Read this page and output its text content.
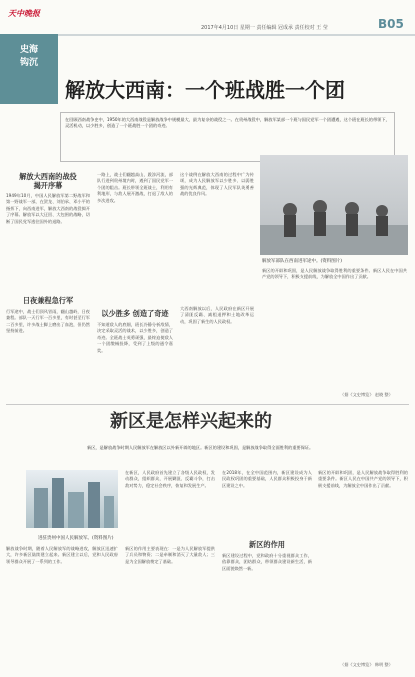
天中晚报
2017年4月10日 星期一 责任编辑 冠成承 责任校对 王 莹	B05
史海
钩沉
解放大西南：一个班战胜一个团
在回顾西南战争史中，1950年的大西南战役是解放战争中规模最大、最为复杂的战役之一。在贵州战役中，解放军某部一个班与国民党军一个团遭遇，这个班在班长的带领下，灵活机动，以少胜多，创造了一个班战胜一个团的奇迹。
解放大西南的战役
揭开序幕
1949年10月，中国人民解放军第二野战军和第一野战军一部，在贺龙、刘伯承、邓小平的指挥下，向西南进军，解放大西南的战役揭开了序幕。解放军以大迂回、大包围的战略，切断了国民党军逃往国外的退路。
日夜兼程急行军
行军途中，战士们顶风冒雨，翻山越岭，日夜兼程。部队一天行军一百多里，有时甚至行军二百多里，许多战士脚上磨出了血泡，但仍然坚持前进。
一路上，战士们翻越高山，跋涉河流，部队行进到贵州境内时，遇到了国民党军一个团的阻击。班长带领全班战士，利用有利地形，与敌人展开激战，打退了敌人的多次进攻。
以少胜多 创造了奇迹
不知道敌人的底细，班长冷静分析敌情，决定采取灵活的战术，以少胜多，创造了奇迹。全班战士英勇顽强，最终迫使敌人一个团缴械投降，受到了上级的通令嘉奖。
这个战例在解放大西南的过程中广为传颂，成为人民解放军以少胜多、以弱胜强的光辉典范，体现了人民军队英勇善战的优良作风。
大西南解放以后，人民政府在新区开展了清匪反霸、减租退押和土地改革运动，巩固了新生的人民政权。
解放军部队在西南进军途中。(资料图片)
新区的开辟和巩固，是人民解放战争取得胜利的重要条件。新区人民在中国共产党的领导下，积极支援前线，为解放全中国作出了贡献。
（据《文史博览》 赵晓 整）
新区是怎样兴起来的
新区，是解放战争时期人民解放军在解放区以外新开辟的地区。新区的建设和巩固，是解放战争取得全面胜利的重要保证。
进驻贵州中国人民解放军。(资料图片)
解放战争时期，随着人民解放军的战略进攻，解放区迅速扩大，许多新区陆续建立起来。新区建立以后，党和人民政府领导群众开展了一系列的工作。
在新区，人民政府首先建立了各级人民政权，发动群众，组织群众，开展剿匪、反霸斗争，打击敌对势力，稳定社会秩序，恢复和发展生产。
新区的作用主要表现在：一是为人民解放军提供了兵员和物资；二是牵制和消灭了大量敌人；三是为全国解放奠定了基础。
新区的作用
在2018年，在全中国范围内，新区建设成为人民政权巩固的重要基础，人民群众积极投身于新区建设之中。
新区建设过程中，党和政府十分重视群众工作，依靠群众，团结群众，带领群众建设新生活，新区面貌焕然一新。
新区的开辟和巩固，是人民解放战争取得胜利的重要条件。新区人民在中国共产党的领导下，积极支援前线，为解放全中国作出了贡献。
（据《文史博览》 韩明 整）
